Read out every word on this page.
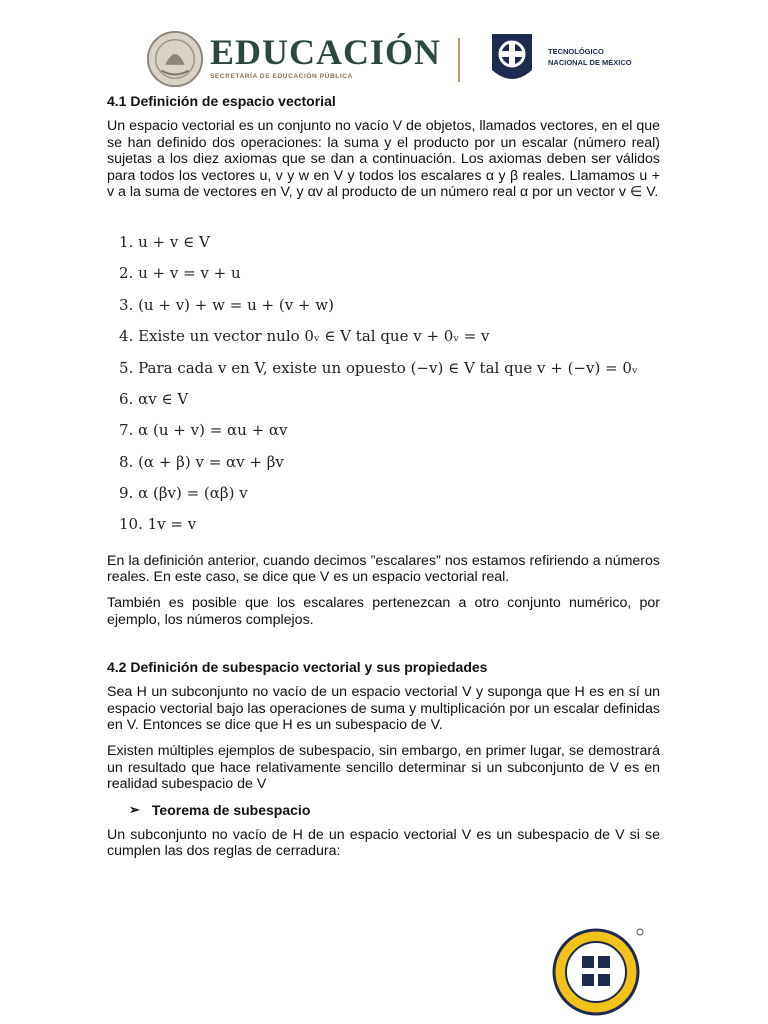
EDUCACIÓN
SECRETARÍA DE EDUCACIÓN PÚBLICA
TECNOLÓGICO
NACIONAL DE MÉXICO
4.1 Definición de espacio vectorial

Un espacio vectorial es un conjunto no vacío V de objetos, llamados vectores, en el que se han definido dos operaciones: la suma y el producto por un escalar (número real) sujetas a los diez axiomas que se dan a continuación. Los axiomas deben ser válidos para todos los vectores u, v y w en V y todos los escalares α y β reales. Llamamos u + v a la suma de vectores en V, y αv al producto de un número real α por un vector v ∈ V.

1. u + v ∈ V
2. u + v = v + u
3. (u + v) + w = u + (v + w)
4. Existe un vector nulo 0ᵥ ∈ V tal que v + 0ᵥ = v
5. Para cada v en V, existe un opuesto (−v) ∈ V tal que v + (−v) = 0ᵥ
6. αv ∈ V
7. α (u + v) = αu + αv
8. (α + β) v = αv + βv
9. α (βv) = (αβ) v
10. 1v = v

En la definición anterior, cuando decimos ”escalares” nos estamos refiriendo a números reales. En este caso, se dice que V es un espacio vectorial real.

También es posible que los escalares pertenezcan a otro conjunto numérico, por ejemplo, los números complejos.

4.2 Definición de subespacio vectorial y sus propiedades

Sea H un subconjunto no vacío de un espacio vectorial V y suponga que H es en sí un espacio vectorial bajo las operaciones de suma y multiplicación por un escalar definidas en V. Entonces se dice que H es un subespacio de V.

Existen múltiples ejemplos de subespacio, sin embargo, en primer lugar, se demostrará un resultado que hace relativamente sencillo determinar si un subconjunto de V es en realidad subespacio de V

➢ Teorema de subespacio

Un subconjunto no vacío de H de un espacio vectorial V es un subespacio de V si se cumplen las dos reglas de cerradura:
